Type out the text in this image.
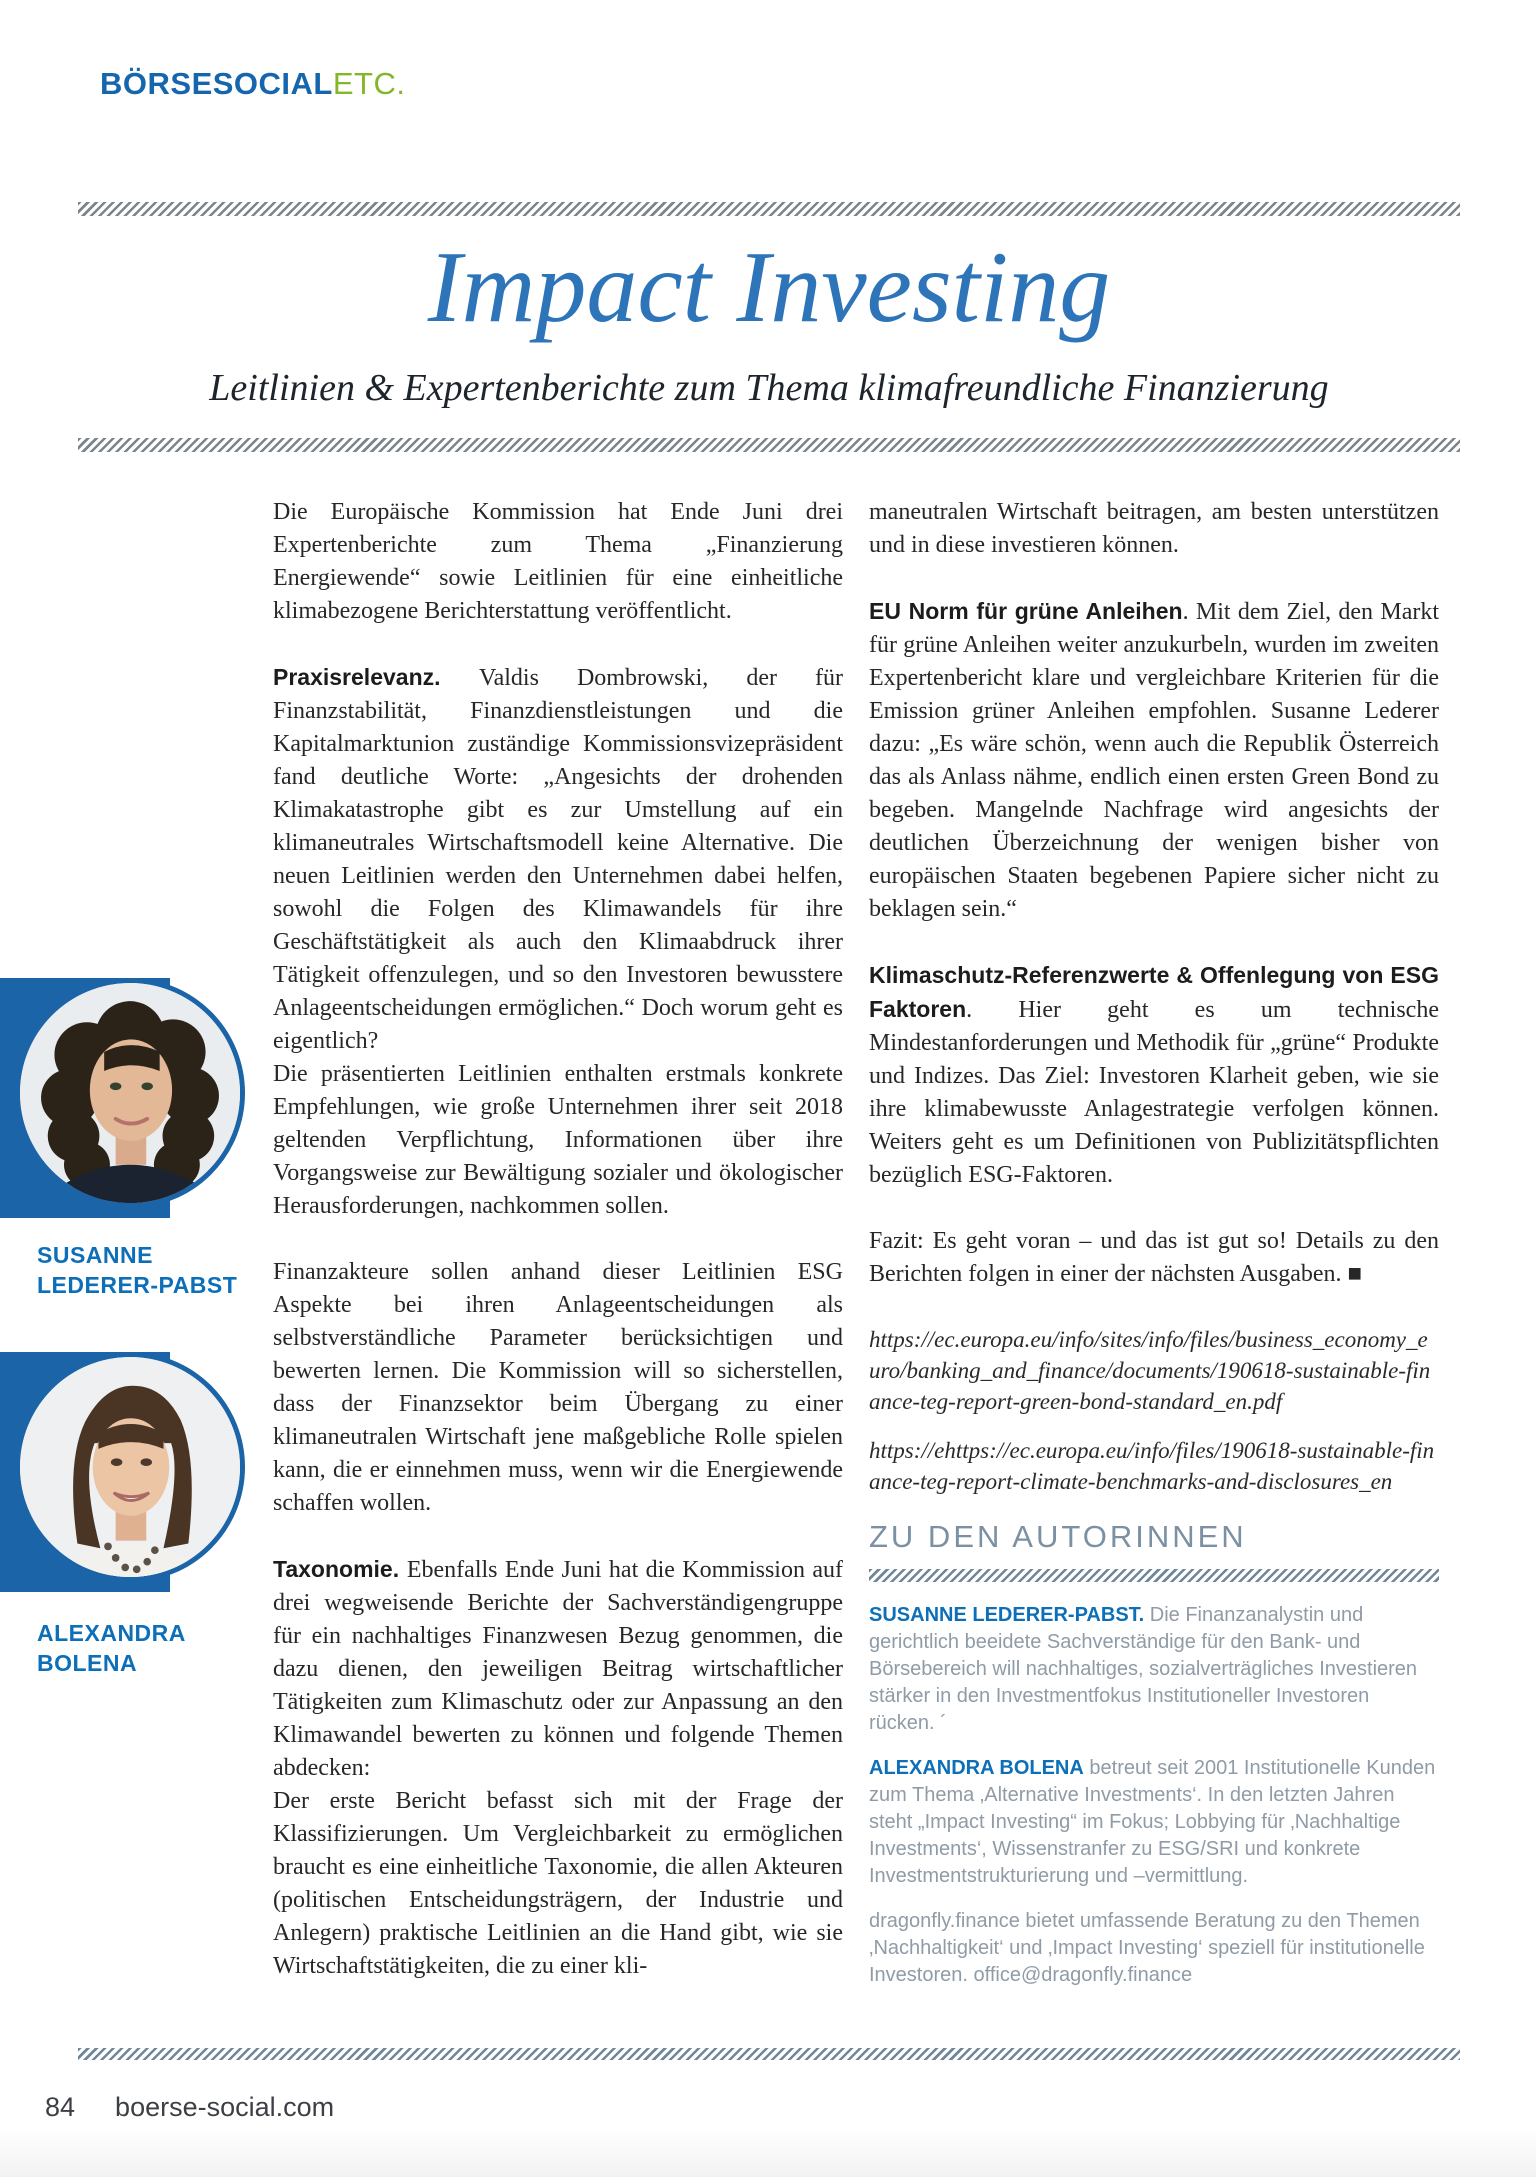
BÖRSESOCIALETC.
Impact Investing
Leitlinien & Expertenberichte zum Thema klimafreundliche Finanzierung

Die Europäische Kommission hat Ende Juni drei Expertenberichte zum Thema „Finanzierung Energiewende“ sowie Leitlinien für eine einheitliche klimabezogene Berichterstattung veröffentlicht.

Praxisrelevanz. Valdis Dombrowski, der für Finanzstabilität, Finanzdienstleistungen und die Kapitalmarktunion zuständige Kommissionsvizepräsident fand deutliche Worte: „Angesichts der drohenden Klimakatastrophe gibt es zur Umstellung auf ein klimaneutrales Wirtschaftsmodell keine Alternative. Die neuen Leitlinien werden den Unternehmen dabei helfen, sowohl die Folgen des Klimawandels für ihre Geschäftstätigkeit als auch den Klimaabdruck ihrer Tätigkeit offenzulegen, und so den Investoren bewusstere Anlageentscheidungen ermöglichen.“ Doch worum geht es eigentlich?

Die präsentierten Leitlinien enthalten erstmals konkrete Empfehlungen, wie große Unternehmen ihrer seit 2018 geltenden Verpflichtung, Informationen über ihre Vorgangsweise zur Bewältigung sozialer und ökologischer Herausforderungen, nachkommen sollen.

Finanzakteure sollen anhand dieser Leitlinien ESG Aspekte bei ihren Anlageentscheidungen als selbstverständliche Parameter berücksichtigen und bewerten lernen. Die Kommission will so sicherstellen, dass der Finanzsektor beim Übergang zu einer klimaneutralen Wirtschaft jene maßgebliche Rolle spielen kann, die er einnehmen muss, wenn wir die Energiewende schaffen wollen.

Taxonomie. Ebenfalls Ende Juni hat die Kommission auf drei wegweisende Berichte der Sachverständigengruppe für ein nachhaltiges Finanzwesen Bezug genommen, die dazu dienen, den jeweiligen Beitrag wirtschaftlicher Tätigkeiten zum Klimaschutz oder zur Anpassung an den Klimawandel bewerten zu können und folgende Themen abdecken:

Der erste Bericht befasst sich mit der Frage der Klassifizierungen. Um Vergleichbarkeit zu ermöglichen braucht es eine einheitliche Taxonomie, die allen Akteuren (politischen Entscheidungsträgern, der Industrie und Anlegern) praktische Leitlinien an die Hand gibt, wie sie Wirtschaftstätigkeiten, die zu einer kli-

maneutralen Wirtschaft beitragen, am besten unterstützen und in diese investieren können.

EU Norm für grüne Anleihen. Mit dem Ziel, den Markt für grüne Anleihen weiter anzukurbeln, wurden im zweiten Expertenbericht klare und vergleichbare Kriterien für die Emission grüner Anleihen empfohlen. Susanne Lederer dazu: „Es wäre schön, wenn auch die Republik Österreich das als Anlass nähme, endlich einen ersten Green Bond zu begeben. Mangelnde Nachfrage wird angesichts der deutlichen Überzeichnung der wenigen bisher von europäischen Staaten begebenen Papiere sicher nicht zu beklagen sein.“

Klimaschutz-Referenzwerte & Offenlegung von ESG Faktoren. Hier geht es um technische Mindestanforderungen und Methodik für „grüne“ Produkte und Indizes. Das Ziel: Investoren Klarheit geben, wie sie ihre klimabewusste Anlagestrategie verfolgen können. Weiters geht es um Definitionen von Publizitätspflichten bezüglich ESG-Faktoren.

Fazit: Es geht voran – und das ist gut so! Details zu den Berichten folgen in einer der nächsten Ausgaben. ■

https://ec.europa.eu/info/sites/info/files/business_economy_euro/banking_and_finance/documents/190618-sustainable-finance-teg-report-green-bond-standard_en.pdf

https://ehttps://ec.europa.eu/info/files/190618-sustainable-finance-teg-report-climate-benchmarks-and-disclosures_en

ZU DEN AUTORINNEN

SUSANNE LEDERER-PABST. Die Finanzanalystin und gerichtlich beeidete Sachverständige für den Bank- und Börsebereich will nachhaltiges, sozialverträgliches Investieren stärker in den Investmentfokus Institutioneller Investoren rücken. ´

ALEXANDRA BOLENA betreut seit 2001 Institutionelle Kunden zum Thema ‚Alternative Investments‘. In den letzten Jahren steht „Impact Investing“ im Fokus; Lobbying für ‚Nachhaltige Investments‘, Wissenstranfer zu ESG/SRI und konkrete Investmentstrukturierung und –vermittlung.

dragonfly.finance bietet umfassende Beratung zu den Themen ‚Nachhaltigkeit‘ und ‚Impact Investing‘ speziell für institutionelle Investoren. office@dragonfly.finance

SUSANNE
LEDERER-PABST
ALEXANDRA
BOLENA
84 boerse-social.com
